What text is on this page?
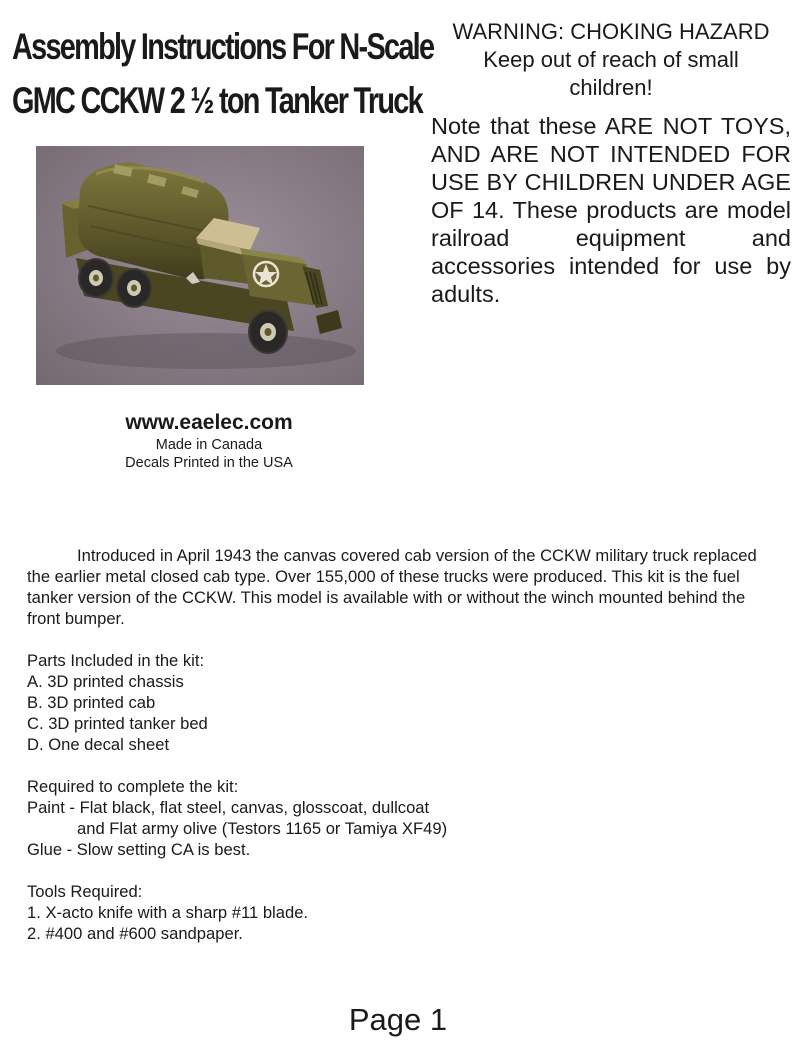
Assembly Instructions For N-Scale
GMC CCKW 2 ½ ton Tanker Truck
WARNING: CHOKING HAZARD
Keep out of reach of small
children!
Note that these ARE NOT TOYS, AND ARE NOT INTENDED FOR USE BY CHILDREN UNDER AGE OF 14. These products are model railroad equipment and accessories intended for use by adults.
www.eaelec.com
Made in Canada
Decals Printed in the USA

Introduced in April 1943 the canvas covered cab version of the CCKW military truck replaced the earlier metal closed cab type. Over 155,000 of these trucks were produced. This kit is the fuel tanker version of the CCKW. This model is available with or without the winch mounted behind the front bumper.

Parts Included in the kit:

A. 3D printed chassis

B. 3D printed cab

C. 3D printed tanker bed

D. One decal sheet

Required to complete the kit:

Paint - Flat black, flat steel, canvas, glosscoat, dullcoat

and Flat army olive (Testors 1165 or Tamiya XF49)

Glue - Slow setting CA is best.

Tools Required:

1. X-acto knife with a sharp #11 blade.

2. #400 and #600 sandpaper.

Page 1
